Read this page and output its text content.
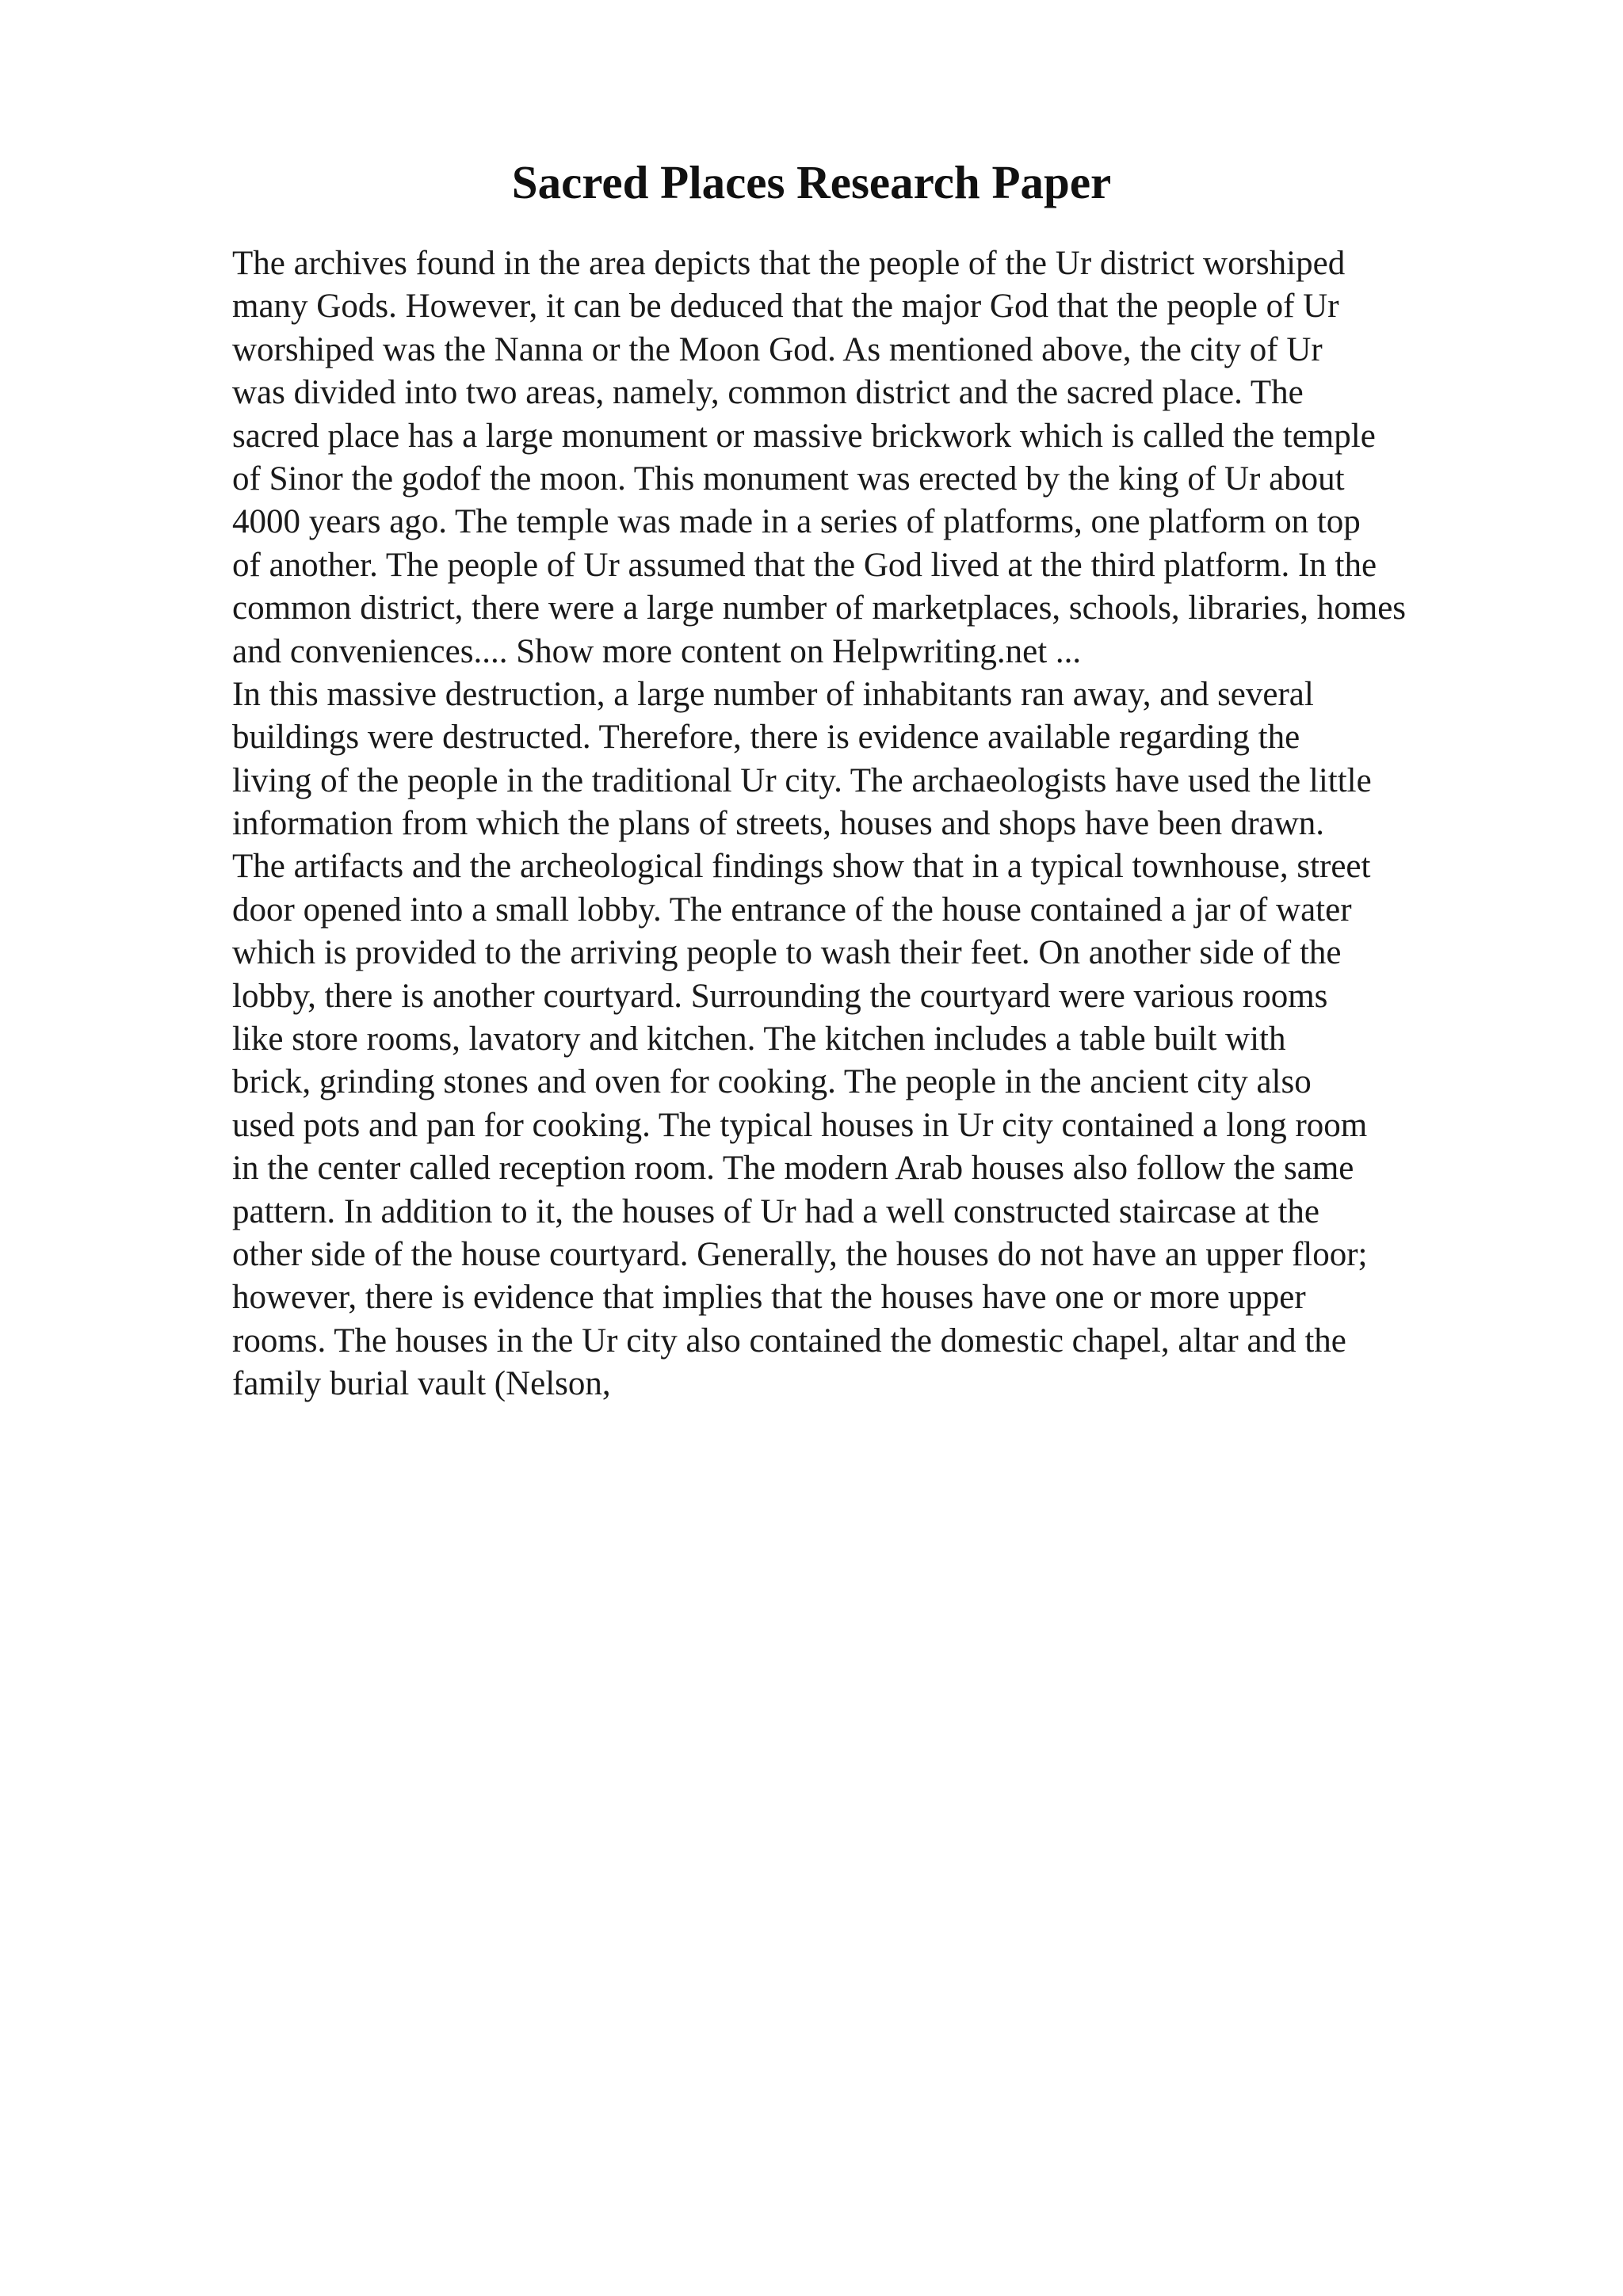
Sacred Places Research Paper
The archives found in the area depicts that the people of the Ur district worshiped
many Gods. However, it can be deduced that the major God that the people of Ur
worshiped was the Nanna or the Moon God. As mentioned above, the city of Ur
was divided into two areas, namely, common district and the sacred place. The
sacred place has a large monument or massive brickwork which is called the temple
of Sinor the godof the moon. This monument was erected by the king of Ur about
4000 years ago. The temple was made in a series of platforms, one platform on top
of another. The people of Ur assumed that the God lived at the third platform. In the
common district, there were a large number of marketplaces, schools, libraries, homes
and conveniences.... Show more content on Helpwriting.net ...
In this massive destruction, a large number of inhabitants ran away, and several
buildings were destructed. Therefore, there is evidence available regarding the
living of the people in the traditional Ur city. The archaeologists have used the little
information from which the plans of streets, houses and shops have been drawn.
The artifacts and the archeological findings show that in a typical townhouse, street
door opened into a small lobby. The entrance of the house contained a jar of water
which is provided to the arriving people to wash their feet. On another side of the
lobby, there is another courtyard. Surrounding the courtyard were various rooms
like store rooms, lavatory and kitchen. The kitchen includes a table built with
brick, grinding stones and oven for cooking. The people in the ancient city also
used pots and pan for cooking. The typical houses in Ur city contained a long room
in the center called reception room. The modern Arab houses also follow the same
pattern. In addition to it, the houses of Ur had a well constructed staircase at the
other side of the house courtyard. Generally, the houses do not have an upper floor;
however, there is evidence that implies that the houses have one or more upper
rooms. The houses in the Ur city also contained the domestic chapel, altar and the
family burial vault (Nelson,
